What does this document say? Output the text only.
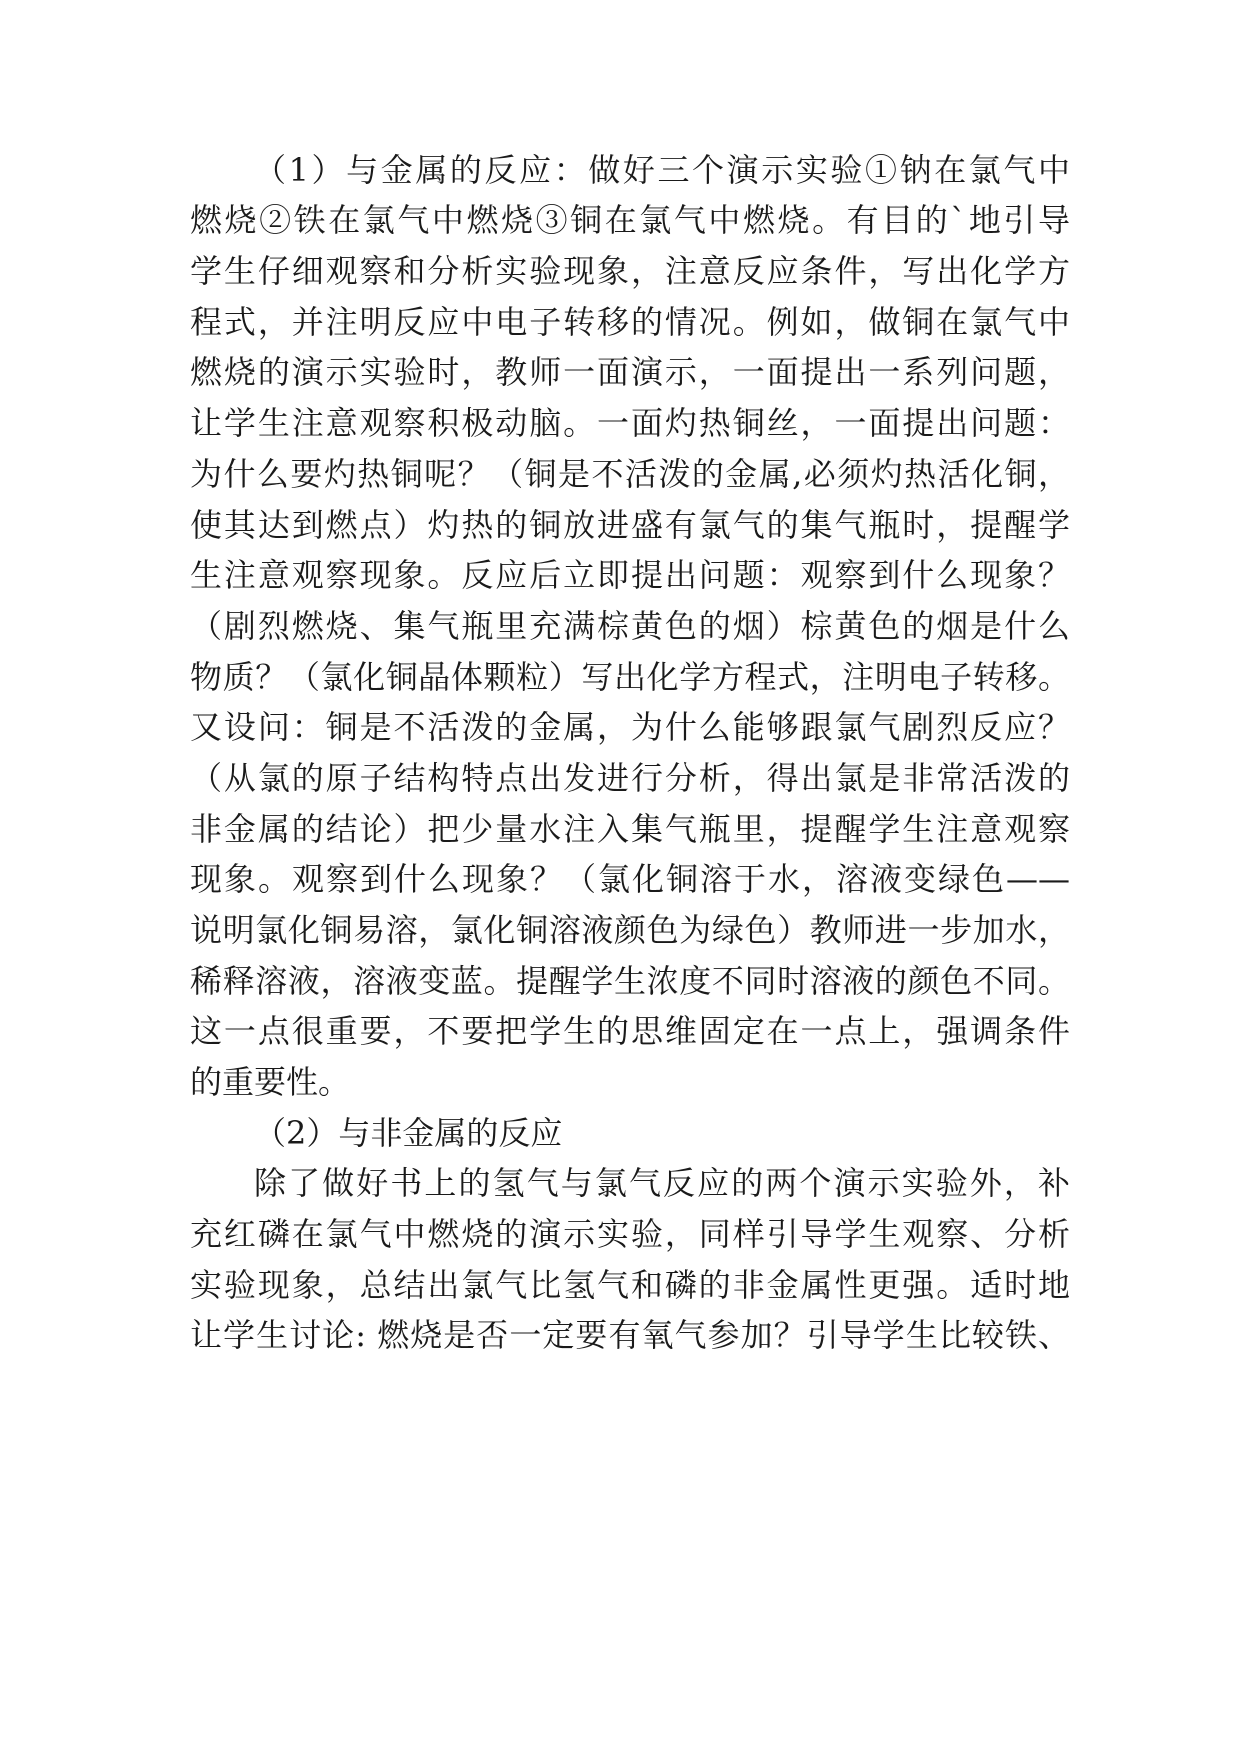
（1）与金属的反应：做好三个演示实验①钠在氯气中
燃烧②铁在氯气中燃烧③铜在氯气中燃烧。有目的`地引导
学生仔细观察和分析实验现象，注意反应条件，写出化学方
程式，并注明反应中电子转移的情况。例如，做铜在氯气中
燃烧的演示实验时，教师一面演示，一面提出一系列问题，
让学生注意观察积极动脑。一面灼热铜丝，一面提出问题：
为什么要灼热铜呢？（铜是不活泼的金属,必须灼热活化铜，
使其达到燃点）灼热的铜放进盛有氯气的集气瓶时，提醒学
生注意观察现象。反应后立即提出问题：观察到什么现象？
（剧烈燃烧、集气瓶里充满棕黄色的烟）棕黄色的烟是什么
物质？（氯化铜晶体颗粒）写出化学方程式，注明电子转移。
又设问：铜是不活泼的金属，为什么能够跟氯气剧烈反应？
（从氯的原子结构特点出发进行分析，得出氯是非常活泼的
非金属的结论）把少量水注入集气瓶里，提醒学生注意观察
现象。观察到什么现象？（氯化铜溶于水，溶液变绿色——
说明氯化铜易溶，氯化铜溶液颜色为绿色）教师进一步加水，
稀释溶液，溶液变蓝。提醒学生浓度不同时溶液的颜色不同。
这一点很重要，不要把学生的思维固定在一点上，强调条件
的重要性。
（2）与非金属的反应
除了做好书上的氢气与氯气反应的两个演示实验外，补
充红磷在氯气中燃烧的演示实验，同样引导学生观察、分析
实验现象，总结出氯气比氢气和磷的非金属性更强。适时地
让学生讨论: 燃烧是否一定要有氧气参加？引导学生比较铁、
